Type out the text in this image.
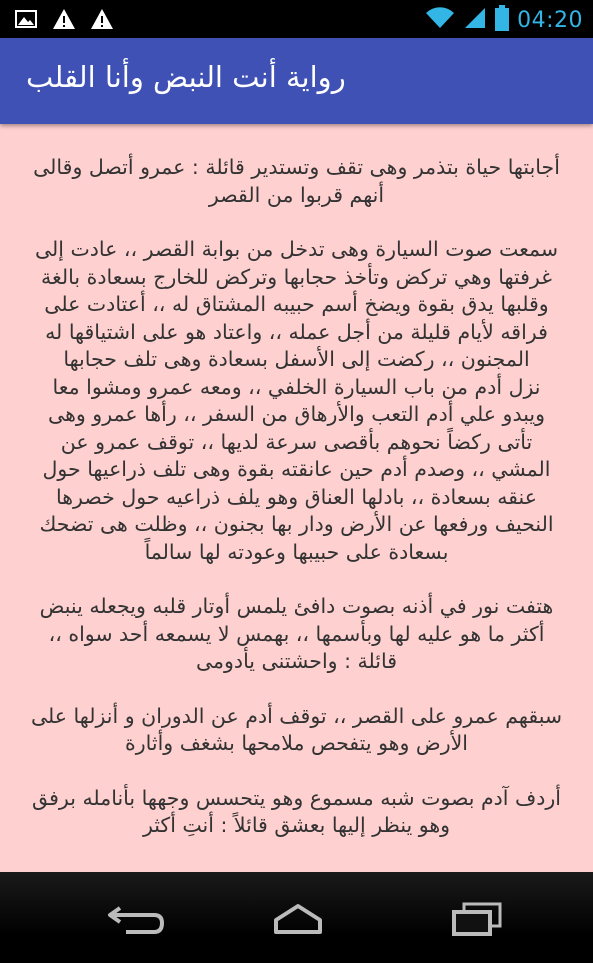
04:20
رواية أنت النبض وأنا القلب

أجابتها حياة بتذمر وهى تقف وتستدير قائلة : عمرو أتصل وقالى أنهم قربوا من القصر

سمعت صوت السيارة وهى تدخل من بوابة القصر ،، عادت إلى غرفتها وهي تركض وتأخذ حجابها وتركض للخارج بسعادة بالغة وقلبها يدق بقوة ويضخ أسم حبيبه المشتاق له ،، أعتادت على فراقه لأيام قليلة من أجل عمله ،، واعتاد هو على اشتياقها له المجنون ،، ركضت إلى الأسفل بسعادة وهى تلف حجابها

نزل أدم من باب السيارة الخلفي ،، ومعه عمرو ومشوا معا ويبدو علي أدم التعب والأرهاق من السفر ،، رأها عمرو وهى تأتى ركضاً نحوهم بأقصى سرعة لديها ،، توقف عمرو عن المشي ،، وصدم أدم حين عانقته بقوة وهى تلف ذراعيها حول عنقه بسعادة ،، بادلها العناق وهو يلف ذراعيه حول خصرها النحيف ورفعها عن الأرض ودار بها بجنون ،، وظلت هى تضحك بسعادة على حبيبها وعودته لها سالماً

هتفت نور في أذنه بصوت دافئ يلمس أوتار قلبه ويجعله ينبض أكثر ما هو عليه لها وبأسمها ،، بهمس لا يسمعه أحد سواه ،، قائلة : واحشتنى يأدومى

سبقهم عمرو على القصر ،، توقف أدم عن الدوران و أنزلها على الأرض وهو يتفحص ملامحها بشغف وأثارة

أردف آدم بصوت شبه مسموع وهو يتحسس وجهها بأنامله برفق وهو ينظر إليها بعشق قائلاً : أنتِ أكثر
